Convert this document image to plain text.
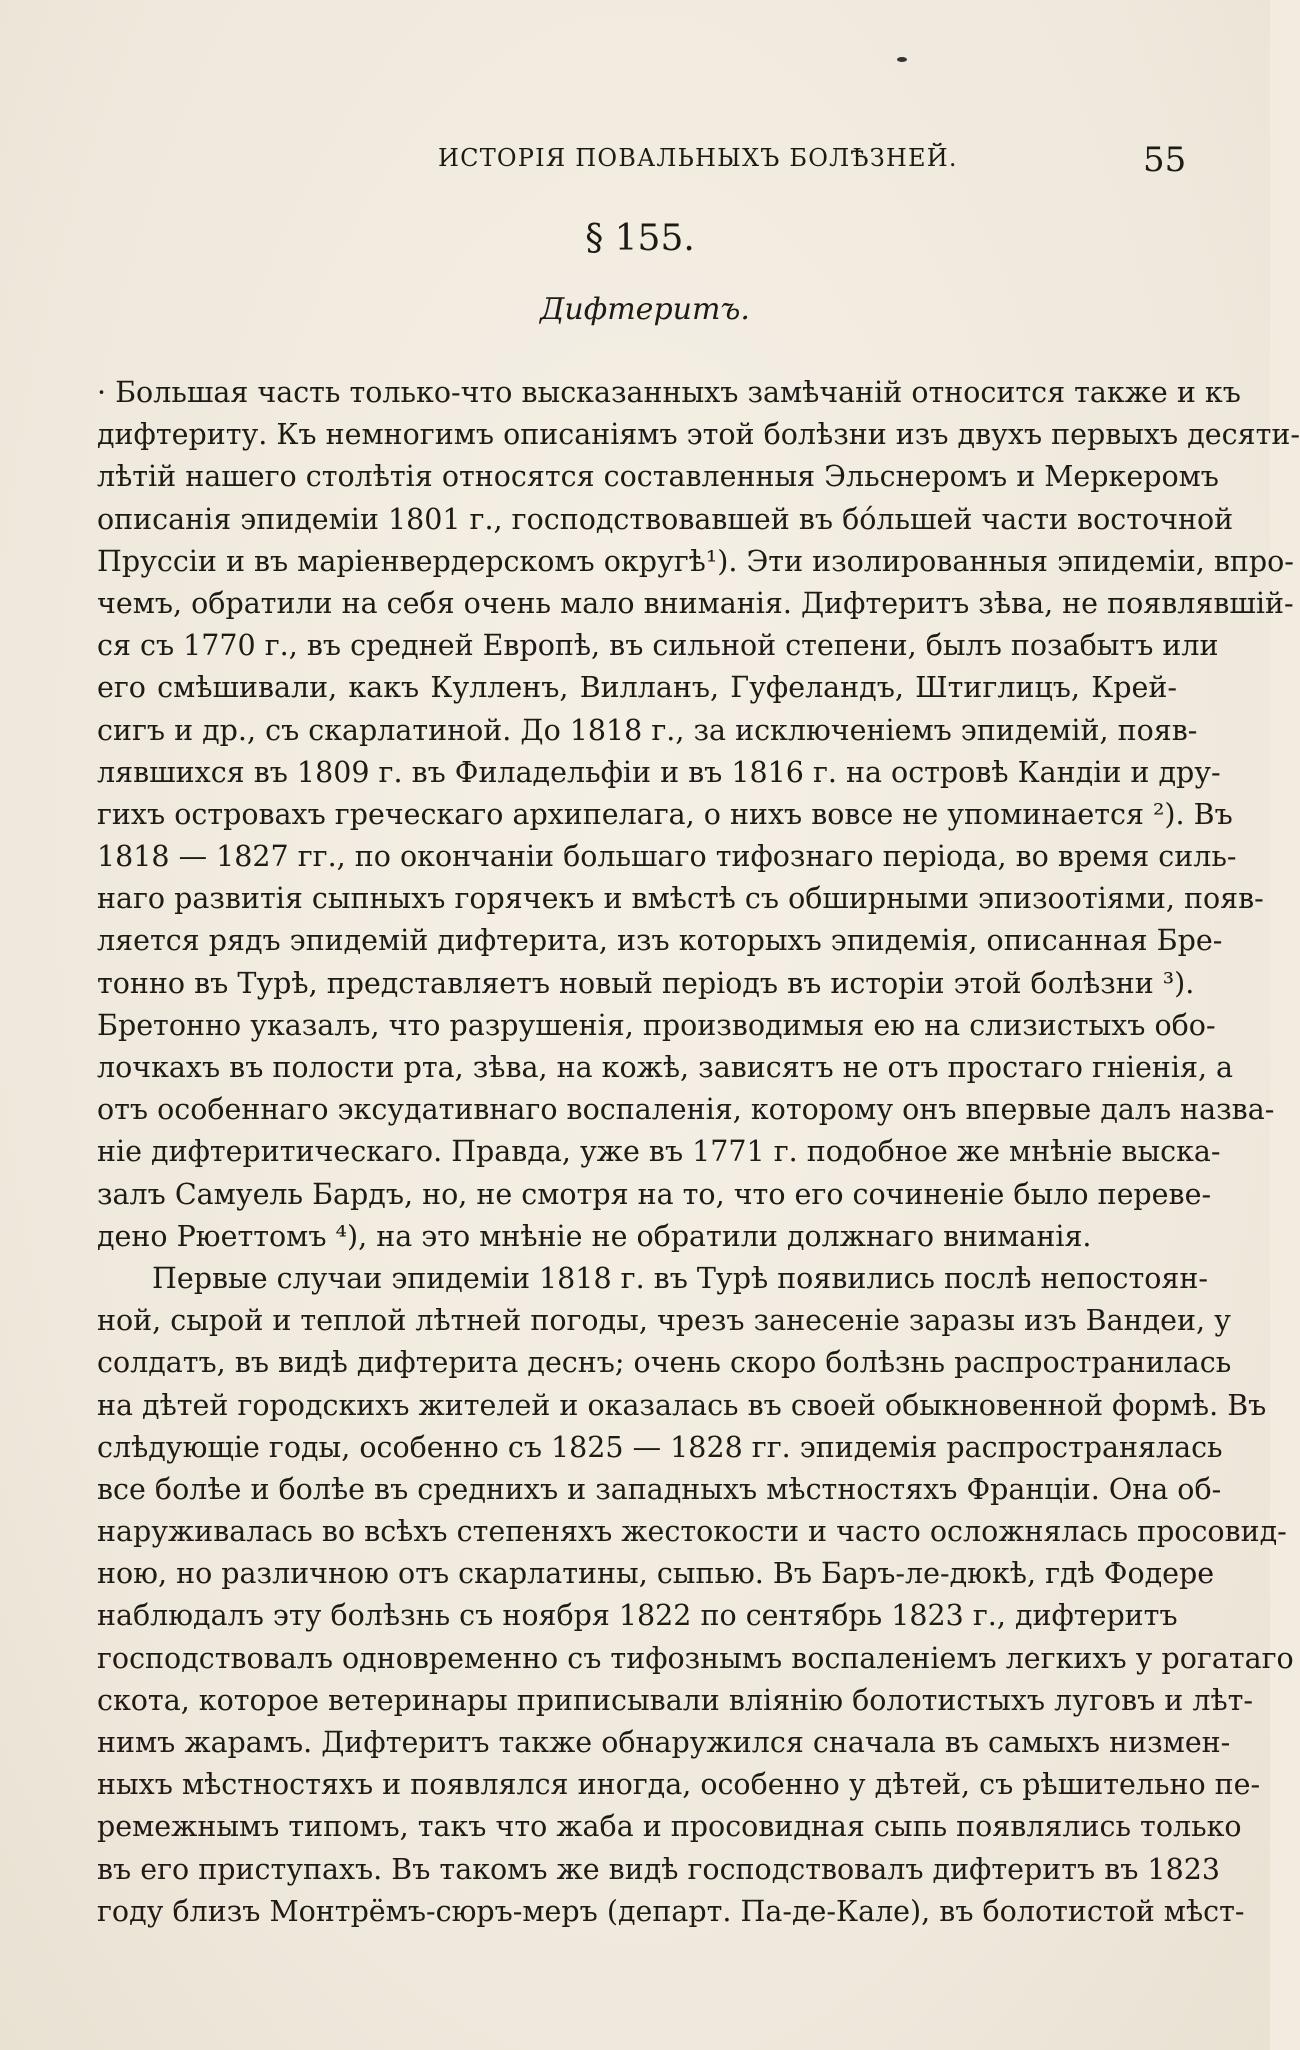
ИСТОРІЯ ПОВАЛЬНЫХЪ БОЛѢЗНЕЙ.	55
§ 155.
Дифтеритъ.
· Большая часть только-что высказанныхъ замѣчаній относится также и къ
дифтериту. Къ немногимъ описаніямъ этой болѣзни изъ двухъ первыхъ десяти-
лѣтій нашего столѣтія относятся составленныя Эльснеромъ и Меркеромъ
описанія эпидеміи 1801 г., господствовавшей въ бо́льшей части восточной
Пруссіи и въ маріенвердерскомъ округѣ¹). Эти изолированныя эпидеміи, впро-
чемъ, обратили на себя очень мало вниманія. Дифтеритъ зѣва, не появлявшій-
ся съ 1770 г., въ средней Европѣ, въ сильной степени, былъ позабытъ или
его смѣшивали, какъ Кулленъ, Вилланъ, Гуфеландъ, Штиглицъ, Крей-
сигъ и др., съ скарлатиной. До 1818 г., за исключеніемъ эпидемій, появ-
лявшихся въ 1809 г. въ Филадельфіи и въ 1816 г. на островѣ Кандіи и дру-
гихъ островахъ греческаго архипелага, о нихъ вовсе не упоминается ²). Въ
1818 — 1827 гг., по окончаніи большаго тифознаго періода, во время силь-
наго развитія сыпныхъ горячекъ и вмѣстѣ съ обширными эпизоотіями, появ-
ляется рядъ эпидемій дифтерита, изъ которыхъ эпидемія, описанная Бре-
тонно въ Турѣ, представляетъ новый періодъ въ исторіи этой болѣзни ³).
Бретонно указалъ, что разрушенія, производимыя ею на слизистыхъ обо-
лочкахъ въ полости рта, зѣва, на кожѣ, зависятъ не отъ простаго гніенія, а
отъ особеннаго эксудативнаго воспаленія, которому онъ впервые далъ назва-
ніе дифтеритическаго. Правда, уже въ 1771 г. подобное же мнѣніе выска-
залъ Самуель Бардъ, но, не смотря на то, что его сочиненіе было переве-
дено Рюеттомъ ⁴), на это мнѣніе не обратили должнаго вниманія.
Первые случаи эпидеміи 1818 г. въ Турѣ появились послѣ непостоян-
ной, сырой и теплой лѣтней погоды, чрезъ занесеніе заразы изъ Вандеи, у
солдатъ, въ видѣ дифтерита деснъ; очень скоро болѣзнь распространилась
на дѣтей городскихъ жителей и оказалась въ своей обыкновенной формѣ. Въ
слѣдующіе годы, особенно съ 1825 — 1828 гг. эпидемія распространялась
все болѣе и болѣе въ среднихъ и западныхъ мѣстностяхъ Франціи. Она об-
наруживалась во всѣхъ степеняхъ жестокости и часто осложнялась просовид-
ною, но различною отъ скарлатины, сыпью. Въ Баръ-ле-дюкѣ, гдѣ Фодере
наблюдалъ эту болѣзнь съ ноября 1822 по сентябрь 1823 г., дифтеритъ
господствовалъ одновременно съ тифознымъ воспаленіемъ легкихъ у рогатаго
скота, которое ветеринары приписывали вліянію болотистыхъ луговъ и лѣт-
нимъ жарамъ. Дифтеритъ также обнаружился сначала въ самыхъ низмен-
ныхъ мѣстностяхъ и появлялся иногда, особенно у дѣтей, съ рѣшительно пе-
ремежнымъ типомъ, такъ что жаба и просовидная сыпь появлялись только
въ его приступахъ. Въ такомъ же видѣ господствовалъ дифтеритъ въ 1823
году близъ Монтрёмъ-сюръ-меръ (департ. Па-де-Кале), въ болотистой мѣст-
